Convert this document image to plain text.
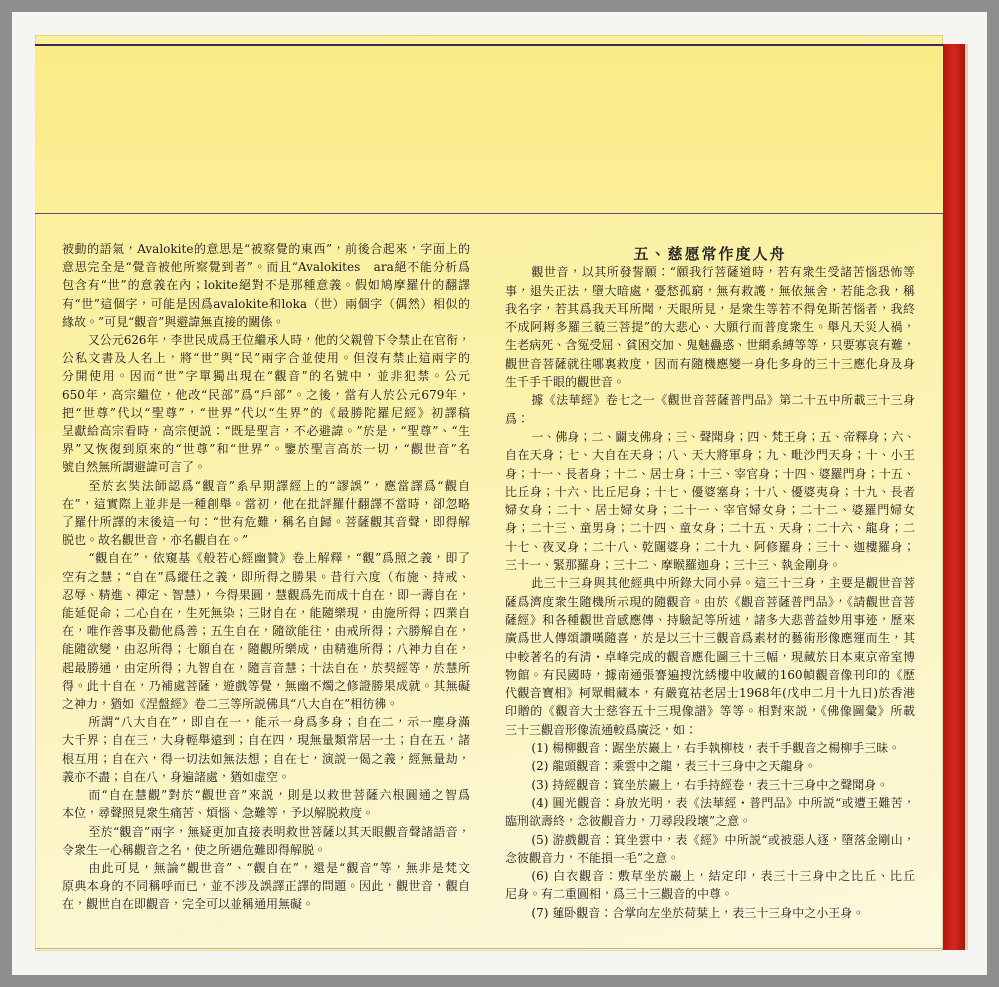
被動的語氣，Avalokite的意思是“被察覺的東西”，前後合起來，字面上的
意思完全是“覺音被他所察覺到者”。而且“Avalokites　ara絕不能分析爲
包含有“世”的意義在內；lokite絕對不是那種意義。假如鳩摩羅什的翻譯
有“世”這個字，可能是因爲avalokite和loka（世）兩個字（偶然）相似的
緣故。”可見“觀音”與避諱無直接的關係。
又公元626年，李世民成爲王位繼承人時，他的父親曾下令禁止在官衔，
公私文書及人名上，將“世”與“民”兩字合並使用。但沒有禁止這兩字的
分開使用。因而“世”字單獨出現在“觀音”的名號中，並非犯禁。公元
650年，高宗繼位，他改“民部”爲“户部”。之後，當有人於公元679年，
把“世尊”代以“聖尊”，“世界”代以“生界”的《最勝陀羅尼經》初譯稿
呈獻給高宗看時，高宗便説：“既是聖言，不必避諱。”於是，“聖尊”、“生
界”又恢復到原來的“世尊”和“世界”。鑒於聖言高於一切，“觀世音”名
號自然無所謂避諱可言了。
至於玄奘法師認爲“觀音”系早期譯經上的“謬誤”，應當譯爲“觀自
在”，這實際上並非是一種創舉。當初，他在批評羅什翻譯不當時，卻忽略
了羅什所譯的末後這一句：“世有危難，稱名自歸。菩薩觀其音聲，即得解
脱也。故名觀世音，亦名觀自在。”
“觀自在”，依窺基《般若心經幽贊》卷上解釋，“觀”爲照之義，即了
空有之慧；“自在”爲縱任之義，即所得之勝果。昔行六度（布施、持戒、
忍辱、精進、禪定、智慧），今得果圓，慧觀爲先而成十自在，即一壽自在，
能延促命；二心自在，生死無染；三財自在，能隨樂現，由施所得；四業自
在，唯作善事及勸他爲善；五生自在，隨欲能往，由戒所得；六勝解自在，
能隨欲變，由忍所得；七願自在，隨觀所樂成，由精進所得；八神力自在，
起最勝通，由定所得；九智自在，隨言音慧；十法自在，於契經等，於慧所
得。此十自在，乃補處菩薩，遊戲等覺，無幽不燭之修證勝果成就。其無礙
之神力，猶如《涅盤經》卷二三等所説佛具“八大自在”相彷彿。
所謂“八大自在”，即自在一，能示一身爲多身；自在二，示一塵身滿
大千界；自在三，大身輕舉遠到；自在四，現無量類常居一土；自在五，諸
根互用；自在六，得一切法如無法想；自在七，演説一偈之義，經無量劫，
義亦不盡；自在八，身遍諸處，猶如虚空。
而“自在慧觀”對於“觀世音”來説，則是以救世菩薩六根圓通之智爲
本位，尋聲照見衆生痛苦、煩惱、急難等，予以解脱救度。
至於“觀音”兩字，無疑更加直接表明救世菩薩以其天眼觀音聲諸語音，
令衆生一心稱觀音之名，使之所遇危難即得解脱。
由此可見，無論“觀世音”、“觀自在”，還是“觀音”等，無非是梵文
原典本身的不同稱呼而已，並不涉及誤譯正譯的問題。因此，觀世音，觀自
在，觀世自在即觀音，完全可以並稱通用無礙。
五、慈愿常作度人舟
觀世音，以其所發誓願：“願我行菩薩道時，若有衆生受諸苦惱恐怖等
事，退失正法，墮大暗處，憂愁孤窮，無有救護，無依無舍，若能念我，稱
我名字，若其爲我天耳所聞，天眼所見，是衆生等若不得免斯苦惱者，我終
不成阿耨多羅三藐三菩提”的大悲心、大願行而普度衆生。舉凡天災人禍，
生老病死、含冤受屈、貧困交加、鬼魅蠱惑、世網系縛等等，只要寡哀有難，
觀世音菩薩就往哪裏救度，因而有隨機應變一身化多身的三十三應化身及身
生千手千眼的觀世音。
據《法華經》卷七之一《觀世音菩薩普門品》第二十五中所載三十三身
爲：
一、佛身；二、闢支佛身；三、聲聞身；四、梵王身；五、帝釋身；六、
自在天身；七、大自在天身；八、天大將軍身；九、毗沙門天身；十、小王
身；十一、長者身；十二、居士身；十三、宰官身；十四、婆羅門身；十五、
比丘身；十六、比丘尼身；十七、優婆塞身；十八、優婆夷身；十九、長者
婦女身；二十、居士婦女身；二十一、宰官婦女身；二十二、婆羅門婦女
身；二十三、童男身；二十四、童女身；二十五、天身；二十六、龍身；二
十七、夜叉身；二十八、乾闥婆身；二十九、阿修羅身；三十、迦樓羅身；
三十一、緊那羅身；三十二、摩睺羅迦身；三十三、執金剛身。
此三十三身與其他經典中所錄大同小异。這三十三身，主要是觀世音菩
薩爲濟度衆生隨機所示現的隨觀音。由於《觀音菩薩普門品》，《請觀世音菩
薩經》和各種觀世音感應傳、持驗記等所述，諸多大悲普益妙用事迹，歷來
廣爲世人傳頌讚嘆隨喜，於是以三十三觀音爲素材的藝術形像應運而生，其
中較著名的有清・卓峰完成的觀音應化圖三十三幅，現藏於日本東京帝室博
物館。有民國時，據南通張謇遍搜沈綉樓中收藏的160幀觀音像刊印的《歷
代觀音寶相》柯眾輯藏本，有嚴寬祜老居士1968年(戊申二月十九日)於香港
印贈的《觀音大士慈容五十三現像譜》等等。相對來説，《佛像圖彙》所載
三十三觀音形像流通較爲廣泛，如：
(1) 楊柳觀音：踞坐於巖上，右手執柳枝，表千手觀音之楊柳手三昧。
(2) 龍頭觀音：乘雲中之龍，表三十三身中之天龍身。
(3) 持經觀音：箕坐於巖上，右手持經卷，表三十三身中之聲聞身。
(4) 圓光觀音：身放光明，表《法華經・普門品》中所説“或遭王難苦，
臨刑欲壽終，念彼觀音力，刀尋段段壞”之意。
(5) 游戲觀音：箕坐雲中，表《經》中所説“或被惡人逐，墮落金剛山，
念彼觀音力，不能損一毛”之意。
(6) 白衣觀音：敷草坐於巖上，結定印，表三十三身中之比丘、比丘
尼身。有二重圓相，爲三十三觀音的中尊。
(7) 蓮卧觀音：合掌向左坐於荷葉上，表三十三身中之小王身。
